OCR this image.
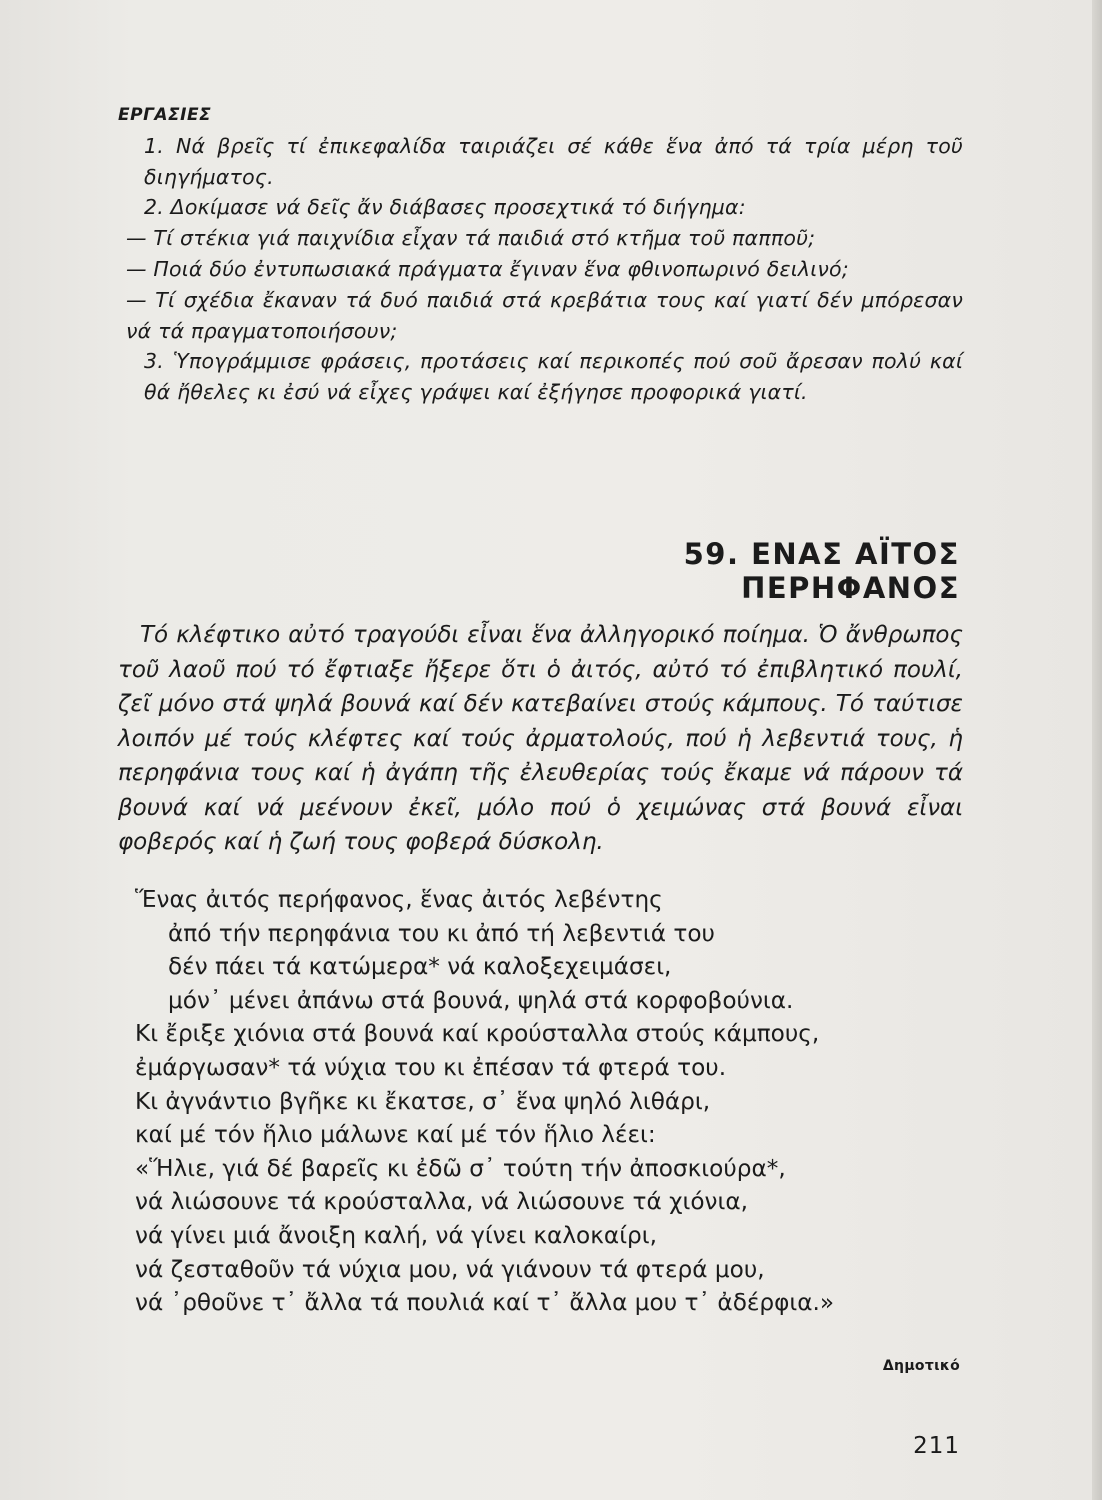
ΕΡΓΑΣΙΕΣ

1. Νά βρεῖς τί ἐπικεφαλίδα ταιριάζει σέ κάθε ἕνα ἀπό τά τρία μέρη τοῦ διηγήματος.

2. Δοκίμασε νά δεῖς ἄν διάβασες προσεχτικά τό διήγημα:

— Τί στέκια γιά παιχνίδια εἶχαν τά παιδιά στό κτῆμα τοῦ παπποῦ;

— Ποιά δύο ἐντυπωσιακά πράγματα ἔγιναν ἕνα φθινοπωρινό δειλινό;

— Τί σχέδια ἔκαναν τά δυό παιδιά στά κρεβάτια τους καί γιατί δέν μπόρεσαν νά τά πραγματοποιήσουν;

3. Ὑπογράμμισε φράσεις, προτάσεις καί περικοπές πού σοῦ ἄρεσαν πολύ καί θά ἤθελες κι ἐσύ νά εἶχες γράψει καί ἐξήγησε προφορικά γιατί.

59. ΕΝΑΣ ΑΪΤΟΣ ΠΕΡΗΦΑΝΟΣ

Τό κλέφτικο αὐτό τραγούδι εἶναι ἕνα ἀλληγορικό ποίημα. Ὁ ἄνθρωπος τοῦ λαοῦ πού τό ἔφτιαξε ἤξερε ὅτι ὁ ἀιτός, αὐτό τό ἐπιβλητικό πουλί, ζεῖ μόνο στά ψηλά βουνά καί δέν κατεβαίνει στούς κάμπους. Τό ταύτισε λοιπόν μέ τούς κλέφτες καί τούς ἀρματολούς, πού ἡ λεβεντιά τους, ἡ περηφάνια τους καί ἡ ἀγάπη τῆς ἐλευθερίας τούς ἔκαμε νά πάρουν τά βουνά καί νά μεένουν ἐκεῖ, μόλο πού ὁ χειμώνας στά βουνά εἶναι φοβερός καί ἡ ζωή τους φοβερά δύσκολη.

Ἕνας ἀιτός περήφανος, ἕνας ἀιτός λεβέντης
ἀπό τήν περηφάνια του κι ἀπό τή λεβεντιά του
δέν πάει τά κατώμερα* νά καλοξεχειμάσει,
μόν᾿ μένει ἀπάνω στά βουνά, ψηλά στά κορφοβούνια.
Κι ἔριξε χιόνια στά βουνά καί κρούσταλλα στούς κάμπους,
ἐμάργωσαν* τά νύχια του κι ἐπέσαν τά φτερά του.
Κι ἀγνάντιο βγῆκε κι ἔκατσε, σ᾿ ἕνα ψηλό λιθάρι,
καί μέ τόν ἥλιο μάλωνε καί μέ τόν ἥλιο λέει:
«Ἥλιε, γιά δέ βαρεῖς κι ἐδῶ σ᾿ τούτη τήν ἀποσκιούρα*,
νά λιώσουνε τά κρούσταλλα, νά λιώσουνε τά χιόνια,
νά γίνει μιά ἄνοιξη καλή, νά γίνει καλοκαίρι,
νά ζεσταθοῦν τά νύχια μου, νά γιάνουν τά φτερά μου,
νά ᾿ρθοῦνε τ᾿ ἄλλα τά πουλιά καί τ᾿ ἄλλα μου τ᾿ ἀδέρφια.»
Δημοτικό
211
